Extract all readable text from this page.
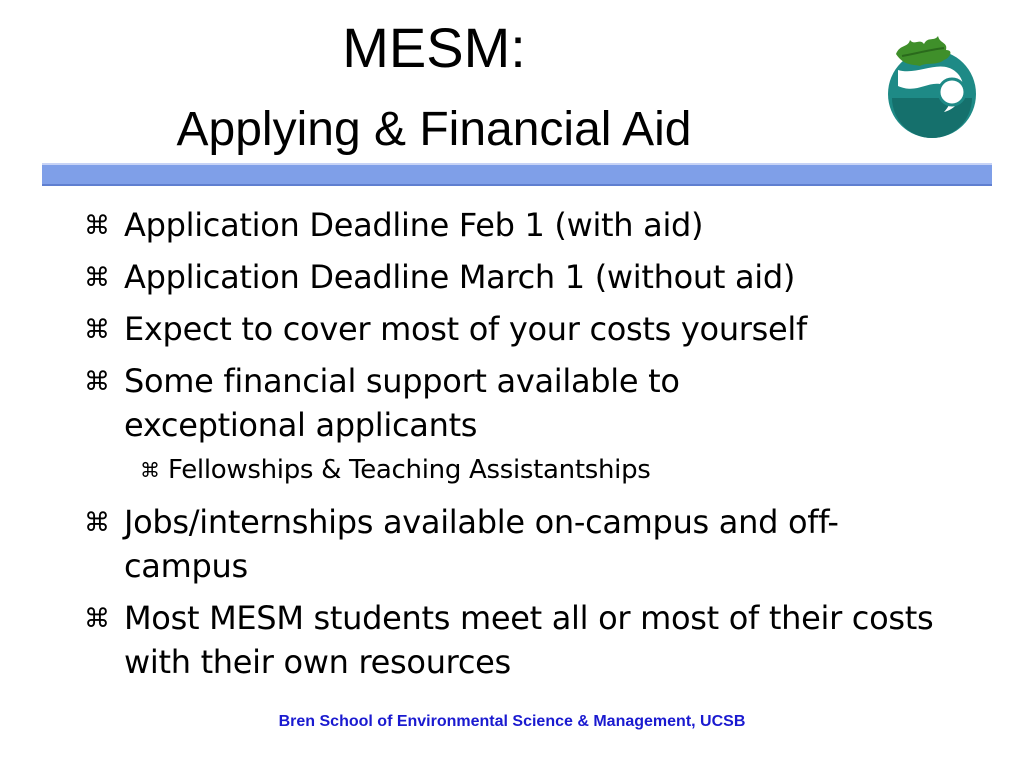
MESM:
Applying & Financial Aid
⌘ Application Deadline Feb 1 (with aid)
⌘ Application Deadline March 1 (without aid)
⌘ Expect to cover most of your costs yourself
⌘ Some financial support available to exceptional applicants
⌘ Fellowships & Teaching Assistantships
⌘ Jobs/internships available on-campus and off-campus
⌘ Most MESM students meet all or most of their costs with their own resources
Bren School of Environmental Science & Management, UCSB
